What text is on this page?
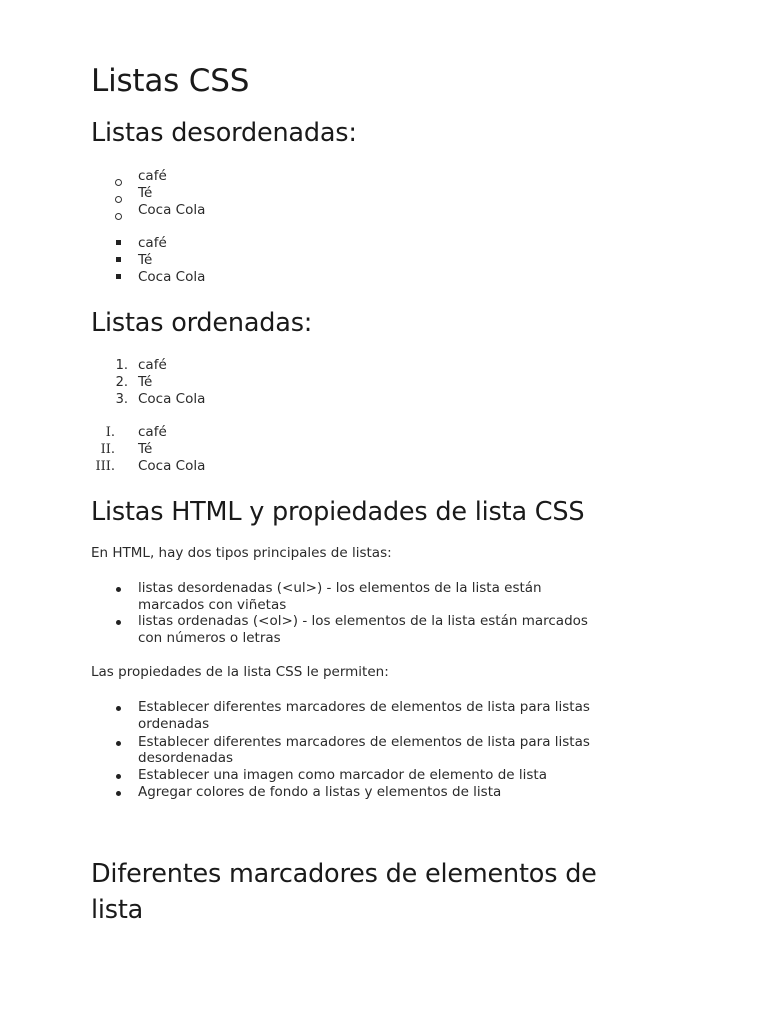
Listas CSS
Listas desordenadas:
café
Té
Coca Cola
café
Té
Coca Cola
Listas ordenadas:
1. café
2. Té
3. Coca Cola
I. café
II. Té
III. Coca Cola
Listas HTML y propiedades de lista CSS

En HTML, hay dos tipos principales de listas:

listas desordenadas (<ul>) - los elementos de la lista están
marcados con viñetas
listas ordenadas (<ol>) - los elementos de la lista están marcados
con números o letras

Las propiedades de la lista CSS le permiten:

Establecer diferentes marcadores de elementos de lista para listas
ordenadas
Establecer diferentes marcadores de elementos de lista para listas
desordenadas
Establecer una imagen como marcador de elemento de lista
Agregar colores de fondo a listas y elementos de lista
Diferentes marcadores de elementos de
lista
